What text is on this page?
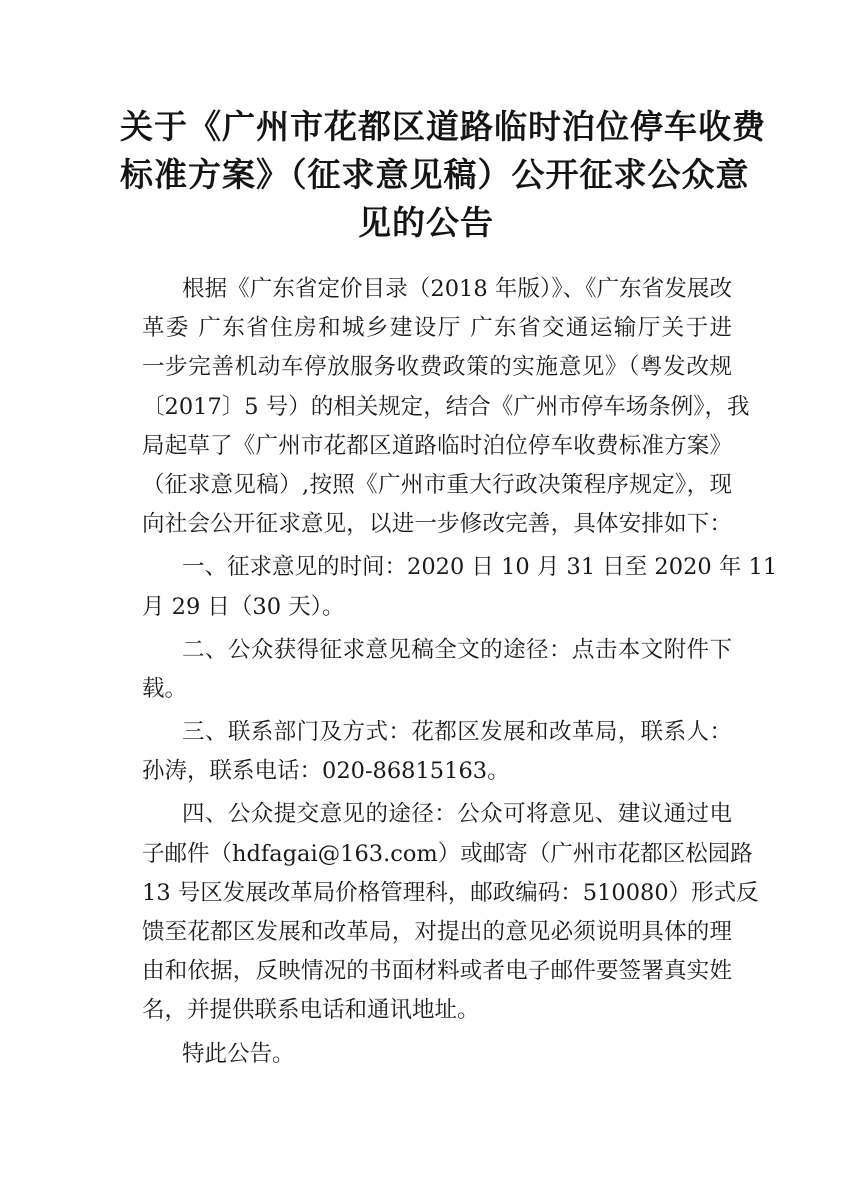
关于《广州市花都区道路临时泊位停车收费
标准方案》（征求意见稿）公开征求公众意
见的公告
根据《广东省定价目录（2018 年版）》、《广东省发展改
革委 广东省住房和城乡建设厅 广东省交通运输厅关于进
一步完善机动车停放服务收费政策的实施意见》（粤发改规
〔2017〕5 号）的相关规定，结合《广州市停车场条例》，我
局起草了《广州市花都区道路临时泊位停车收费标准方案》
（征求意见稿）,按照《广州市重大行政决策程序规定》，现
向社会公开征求意见，以进一步修改完善，具体安排如下：
一、征求意见的时间：2020 日 10 月 31 日至 2020 年 11
月 29 日（30 天）。
二、公众获得征求意见稿全文的途径：点击本文附件下
载。
三、联系部门及方式：花都区发展和改革局，联系人：
孙涛，联系电话：020-86815163。
四、公众提交意见的途径：公众可将意见、建议通过电
子邮件（hdfagai@163.com）或邮寄（广州市花都区松园路
13 号区发展改革局价格管理科，邮政编码：510080）形式反
馈至花都区发展和改革局，对提出的意见必须说明具体的理
由和依据，反映情况的书面材料或者电子邮件要签署真实姓
名，并提供联系电话和通讯地址。
特此公告。
